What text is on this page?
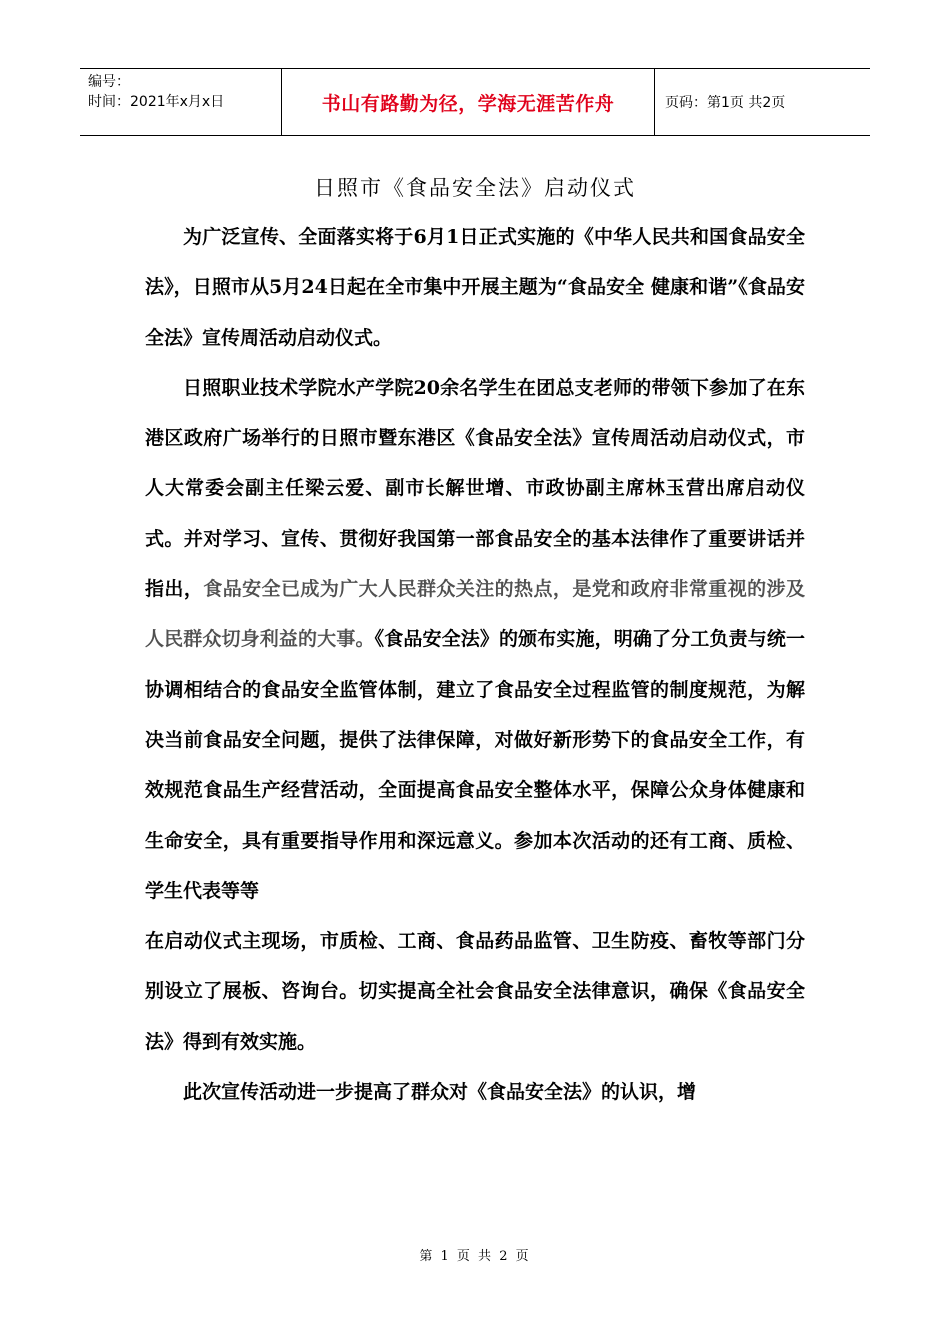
编号：
时间：2021年x月x日	书山有路勤为径，学海无涯苦作舟	页码：第1页 共2页
日照市《食品安全法》启动仪式

为广泛宣传、全面落实将于6月1日正式实施的《中华人民共和国食品安全法》，日照市从5月24日起在全市集中开展主题为“食品安全 健康和谐”《食品安全法》宣传周活动启动仪式。

日照职业技术学院水产学院20余名学生在团总支老师的带领下参加了在东港区政府广场举行的日照市暨东港区《食品安全法》宣传周活动启动仪式，市人大常委会副主任梁云爱、副市长解世增、市政协副主席林玉营出席启动仪式。并对学习、宣传、贯彻好我国第一部食品安全的基本法律作了重要讲话并指出，食品安全已成为广大人民群众关注的热点，是党和政府非常重视的涉及人民群众切身利益的大事。《食品安全法》的颁布实施，明确了分工负责与统一协调相结合的食品安全监管体制，建立了食品安全过程监管的制度规范，为解决当前食品安全问题，提供了法律保障，对做好新形势下的食品安全工作，有效规范食品生产经营活动，全面提高食品安全整体水平，保障公众身体健康和生命安全，具有重要指导作用和深远意义。参加本次活动的还有工商、质检、学生代表等等

在启动仪式主现场，市质检、工商、食品药品监管、卫生防疫、畜牧等部门分别设立了展板、咨询台。切实提高全社会食品安全法律意识，确保《食品安全法》得到有效实施。

此次宣传活动进一步提高了群众对《食品安全法》的认识，增

第 1 页 共 2 页
